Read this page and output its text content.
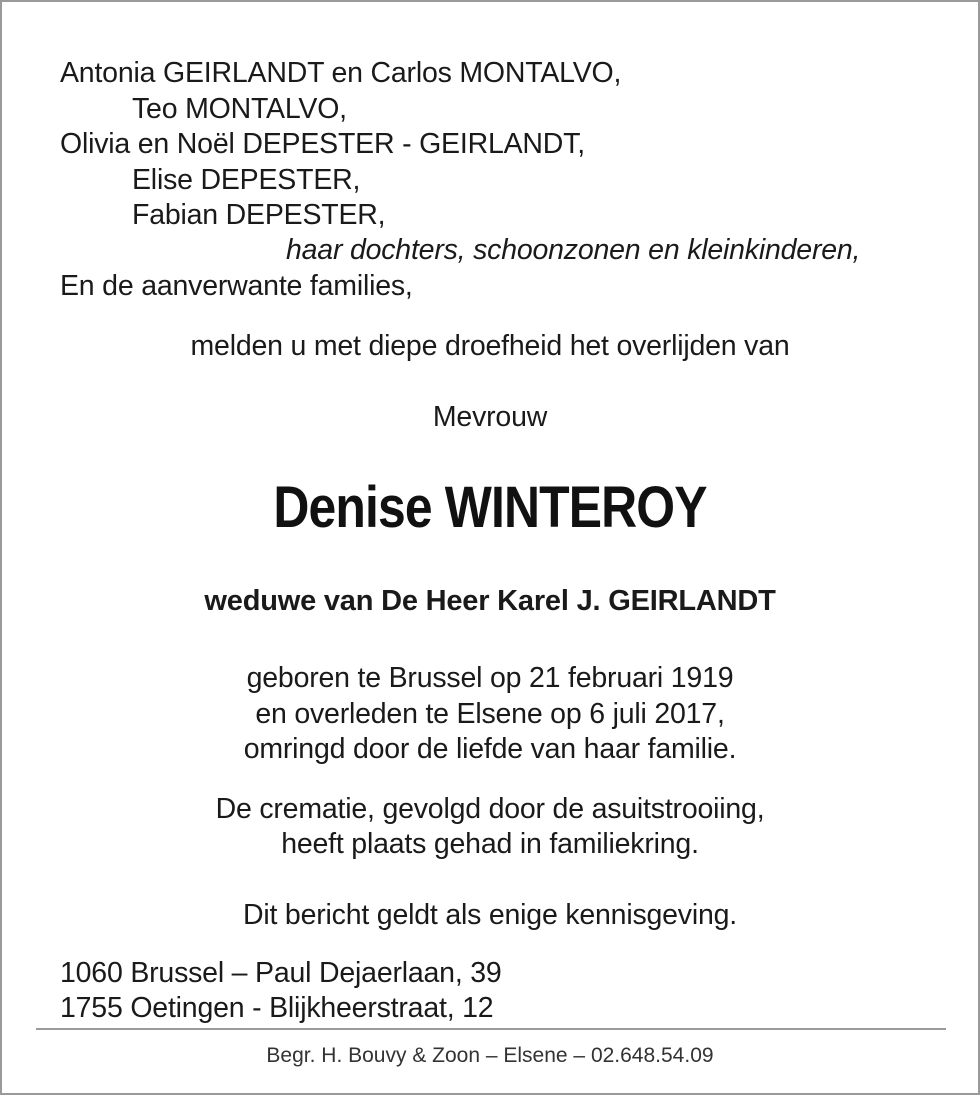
Antonia GEIRLANDT en Carlos MONTALVO,
Teo MONTALVO,
Olivia en Noël DEPESTER - GEIRLANDT,
Elise DEPESTER,
Fabian DEPESTER,
haar dochters, schoonzonen en kleinkinderen,
En de aanverwante families,
melden u met diepe droefheid het overlijden van
Mevrouw
Denise WINTEROY
weduwe van De Heer Karel J. GEIRLANDT
geboren te Brussel op 21 februari 1919
en overleden te Elsene op 6 juli 2017,
omringd door de liefde van haar familie.
De crematie, gevolgd door de asuitstrooiing,
heeft plaats gehad in familiekring.
Dit bericht geldt als enige kennisgeving.
1060 Brussel – Paul Dejaerlaan, 39
1755 Oetingen - Blijkheerstraat, 12
Begr. H. Bouvy & Zoon – Elsene – 02.648.54.09
